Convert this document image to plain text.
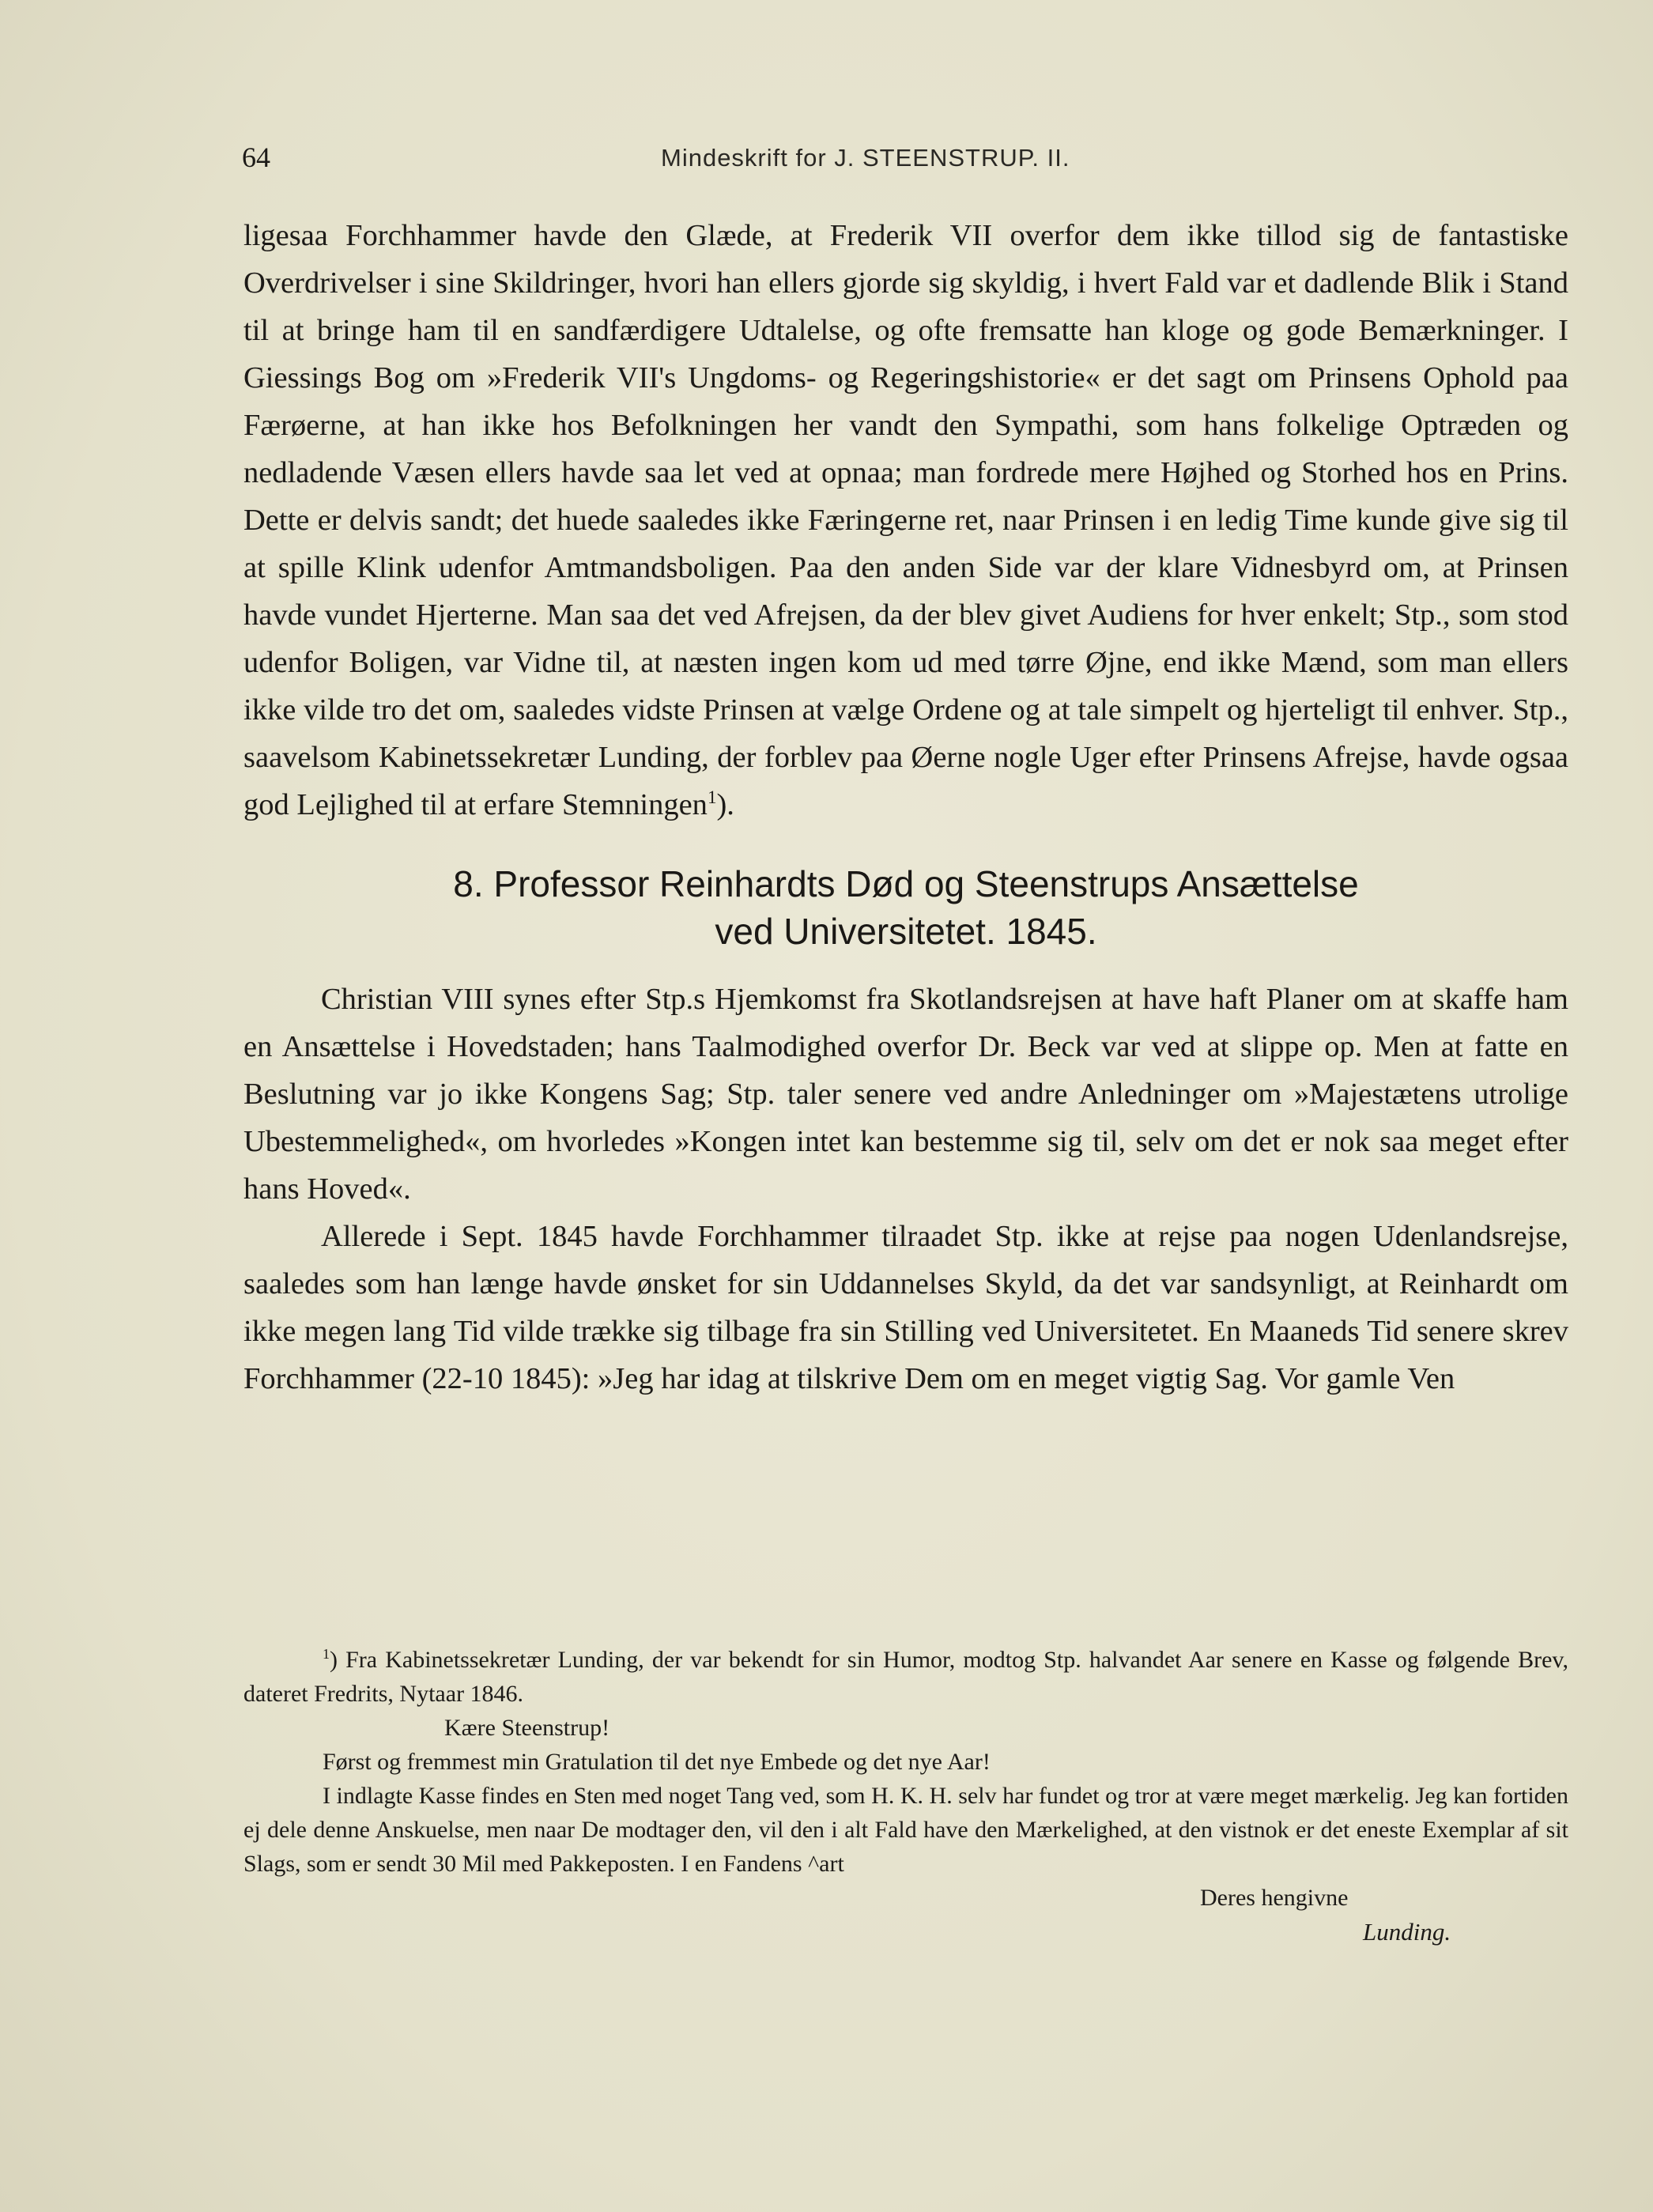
64	Mindeskrift for J. STEENSTRUP. II.

ligesaa Forchhammer havde den Glæde, at Frederik VII overfor dem ikke tillod sig de fantastiske Overdrivelser i sine Skildringer, hvori han ellers gjorde sig skyldig, i hvert Fald var et dadlende Blik i Stand til at bringe ham til en sandfærdigere Udtalelse, og ofte fremsatte han kloge og gode Bemærkninger. I Giessings Bog om »Frederik VII's Ungdoms- og Regeringshistorie« er det sagt om Prinsens Ophold paa Færøerne, at han ikke hos Befolkningen her vandt den Sympathi, som hans folkelige Optræden og nedladende Væsen ellers havde saa let ved at opnaa; man fordrede mere Højhed og Storhed hos en Prins. Dette er delvis sandt; det huede saaledes ikke Færingerne ret, naar Prinsen i en ledig Time kunde give sig til at spille Klink udenfor Amtmandsboligen. Paa den anden Side var der klare Vidnesbyrd om, at Prinsen havde vundet Hjerterne. Man saa det ved Afrejsen, da der blev givet Audiens for hver enkelt; Stp., som stod udenfor Boligen, var Vidne til, at næsten ingen kom ud med tørre Øjne, end ikke Mænd, som man ellers ikke vilde tro det om, saaledes vidste Prinsen at vælge Ordene og at tale simpelt og hjerteligt til enhver. Stp., saavelsom Kabinetssekretær Lunding, der forblev paa Øerne nogle Uger efter Prinsens Afrejse, havde ogsaa god Lejlighed til at erfare Stemningen$^1$).

8. Professor Reinhardts Død og Steenstrups Ansættelse
ved Universitetet. 1845.

Christian VIII synes efter Stp.s Hjemkomst fra Skotlandsrejsen at have haft Planer om at skaffe ham en Ansættelse i Hovedstaden; hans Taalmodighed overfor Dr. Beck var ved at slippe op. Men at fatte en Beslutning var jo ikke Kongens Sag; Stp. taler senere ved andre Anledninger om »Majestætens utrolige Ubestemmelighed«, om hvorledes »Kongen intet kan bestemme sig til, selv om det er nok saa meget efter hans Hoved«.

Allerede i Sept. 1845 havde Forchhammer tilraadet Stp. ikke at rejse paa nogen Udenlandsrejse, saaledes som han længe havde ønsket for sin Uddannelses Skyld, da det var sandsynligt, at Reinhardt om ikke megen lang Tid vilde trække sig tilbage fra sin Stilling ved Universitetet. En Maaneds Tid senere skrev Forchhammer (22-10 1845): »Jeg har idag at tilskrive Dem om en meget vigtig Sag. Vor gamle Ven

$^1$) Fra Kabinetssekretær Lunding, der var bekendt for sin Humor, modtog Stp. halvandet Aar senere en Kasse og følgende Brev, dateret Fredrits, Nytaar 1846.

Kære Steenstrup!

Først og fremmest min Gratulation til det nye Embede og det nye Aar!

I indlagte Kasse findes en Sten med noget Tang ved, som H. K. H. selv har fundet og tror at være meget mærkelig. Jeg kan fortiden ej dele denne Anskuelse, men naar De modtager den, vil den i alt Fald have den Mærkelighed, at den vistnok er det eneste Exemplar af sit Slags, som er sendt 30 Mil med Pakkeposten. I en Fandens ^art

Deres hengivne

Lunding.
